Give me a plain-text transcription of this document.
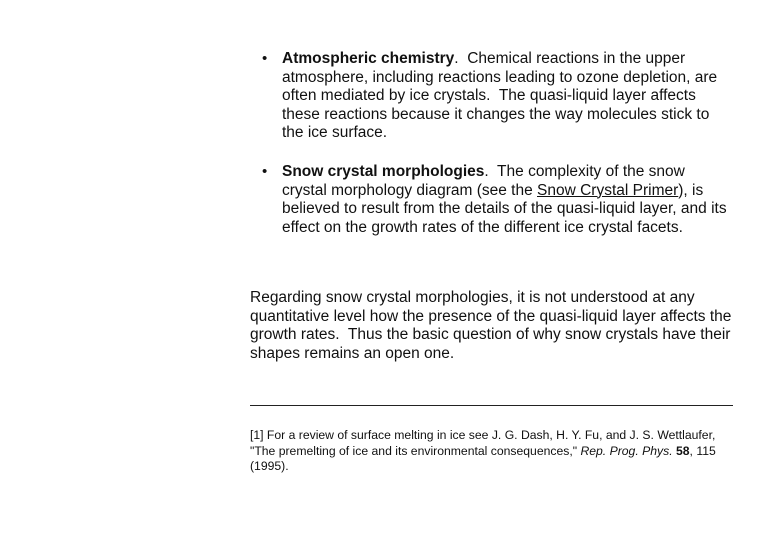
• Atmospheric chemistry.  Chemical reactions in the upper atmosphere, including reactions leading to ozone depletion, are often mediated by ice crystals.  The quasi-liquid layer affects these reactions because it changes the way molecules stick to the ice surface.
• Snow crystal morphologies.  The complexity of the snow crystal morphology diagram (see the Snow Crystal Primer), is believed to result from the details of the quasi-liquid layer, and its effect on the growth rates of the different ice crystal facets.

Regarding snow crystal morphologies, it is not understood at any quantitative level how the presence of the quasi-liquid layer affects the growth rates.  Thus the basic question of why snow crystals have their shapes remains an open one.

[1] For a review of surface melting in ice see J. G. Dash, H. Y. Fu, and J. S. Wettlaufer, "The premelting of ice and its environmental consequences," Rep. Prog. Phys. 58, 115 (1995).
